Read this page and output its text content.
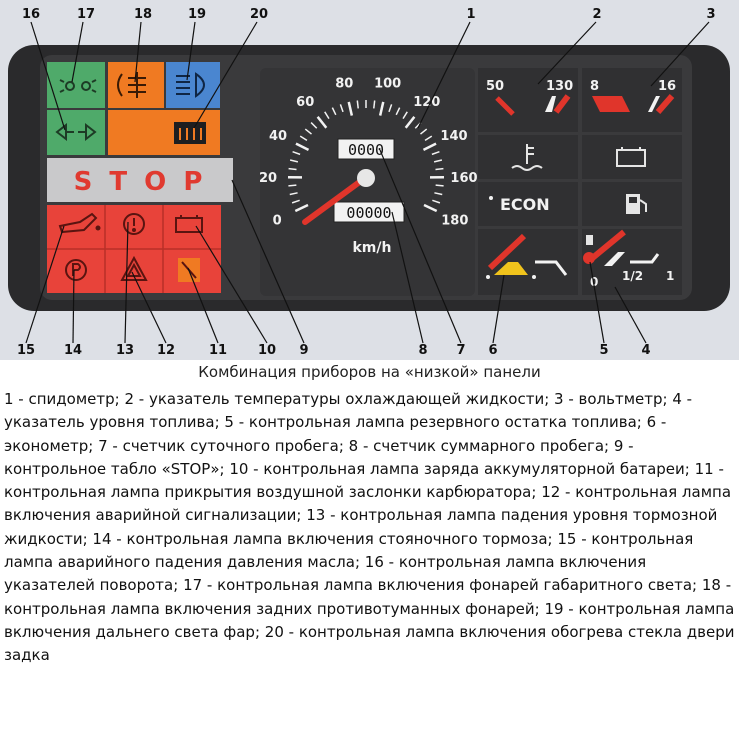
0
20
40
60
80 100
120
140
160
180
0000
00000
km/h
50	130 8	16
ECON
0 1/2 1
S T O P
1	2	3
4
5
6
7
8
9
10
11
12
13
14
15
16	17	18	19	20
Комбинация приборов на «низкой» панели
1 - спидометр; 2 - указатель температуры охлаждающей жидкости; 3 - вольтметр; 4 - указатель уровня топлива; 5 - контрольная лампа резервного остатка топлива; 6 - эконометр; 7 - счетчик суточного пробега; 8 - счетчик суммарного пробега; 9 - контрольное табло «STOP»; 10 - контрольная лампа заряда аккумуляторной батареи; 11 - контрольная лампа прикрытия воздушной заслонки карбюратора; 12 - контрольная лампа включения аварийной сигнализации; 13 - контрольная лампа падения уровня тормозной жидкости; 14 - контрольная лампа включения стояночного тормоза; 15 - контрольная лампа аварийного падения давления масла; 16 - контрольная лампа включения указателей поворота; 17 - контрольная лампа включения фонарей габаритного света; 18 - контрольная лампа включения задних противотуманных фонарей; 19 - контрольная лампа включения дальнего света фар; 20 - контрольная лампа включения обогрева стекла двери задка
